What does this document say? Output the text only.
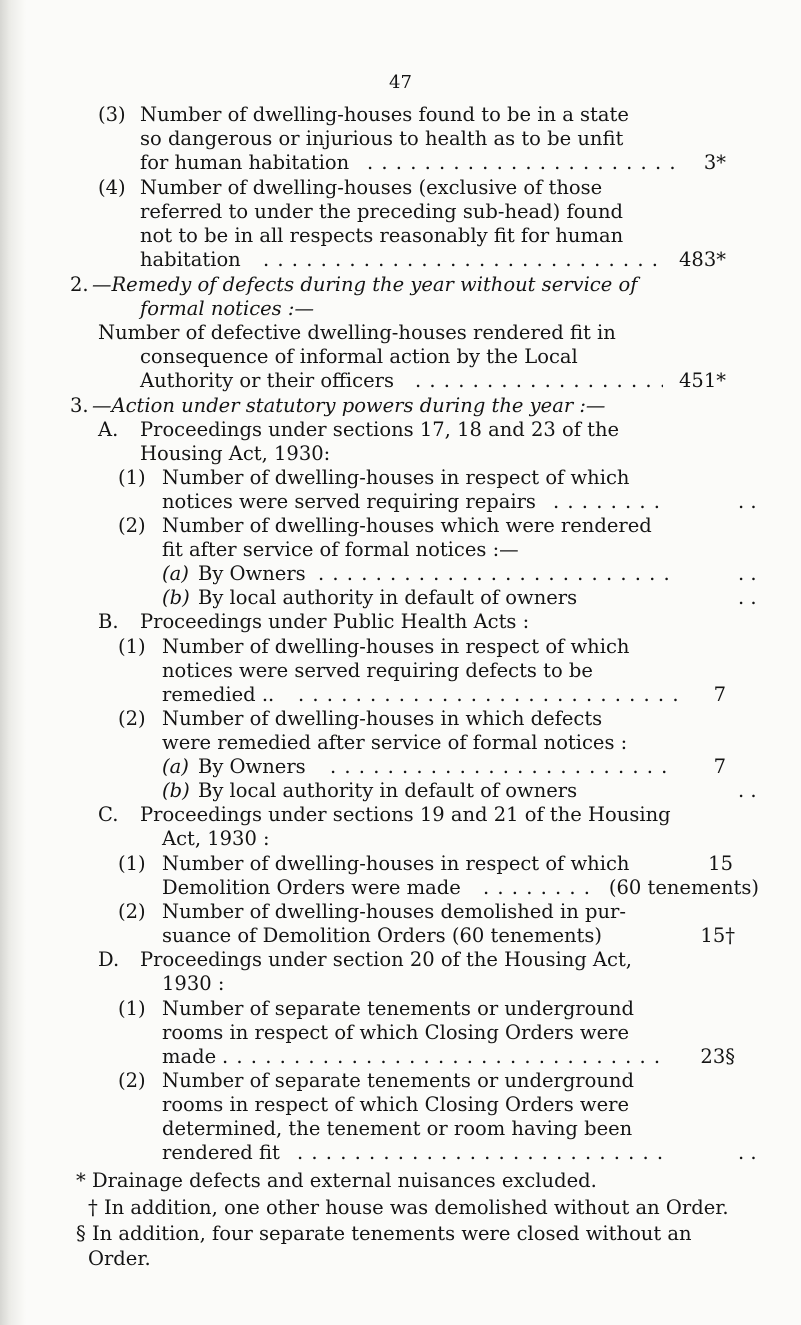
47
(3) Number of dwelling-houses found to be in a state
so dangerous or injurious to health as to be unfit
for human habitation . . .	3*
(4) Number of dwelling-houses (exclusive of those
referred to under the preceding sub-head) found
not to be in all respects reasonably fit for human
habitation . . .	483*
2. —Remedy of defects during the year without service of
formal notices :—
Number of defective dwelling-houses rendered fit in
consequence of informal action by the Local
Authority or their officers . . .	451*
3. —Action under statutory powers during the year :—
A. Proceedings under sections 17, 18 and 23 of the
Housing Act, 1930:
(1) Number of dwelling-houses in respect of which
notices were served requiring repairs . . .	. .
(2) Number of dwelling-houses which were rendered
fit after service of formal notices :—
(a) By Owners . . .	. .
(b) By local authority in default of owners	. .
B. Proceedings under Public Health Acts :
(1) Number of dwelling-houses in respect of which
notices were served requiring defects to be
remedied .. . . .	7
(2) Number of dwelling-houses in which defects
were remedied after service of formal notices :
(a) By Owners . . .	7
(b) By local authority in default of owners	. .
C. Proceedings under sections 19 and 21 of the Housing
Act, 1930 :
(1) Number of dwelling-houses in respect of which	15
Demolition Orders were made . . .	(60 tenements)
(2) Number of dwelling-houses demolished in pur-
suance of Demolition Orders (60 tenements)	15†
D. Proceedings under section 20 of the Housing Act,
1930 :
(1) Number of separate tenements or underground
rooms in respect of which Closing Orders were
made . . .	23§
(2) Number of separate tenements or underground
rooms in respect of which Closing Orders were
determined, the tenement or room having been
rendered fit . . .	. .
* Drainage defects and external nuisances excluded.
† In addition, one other house was demolished without an Order.
§ In addition, four separate tenements were closed without an
Order.
